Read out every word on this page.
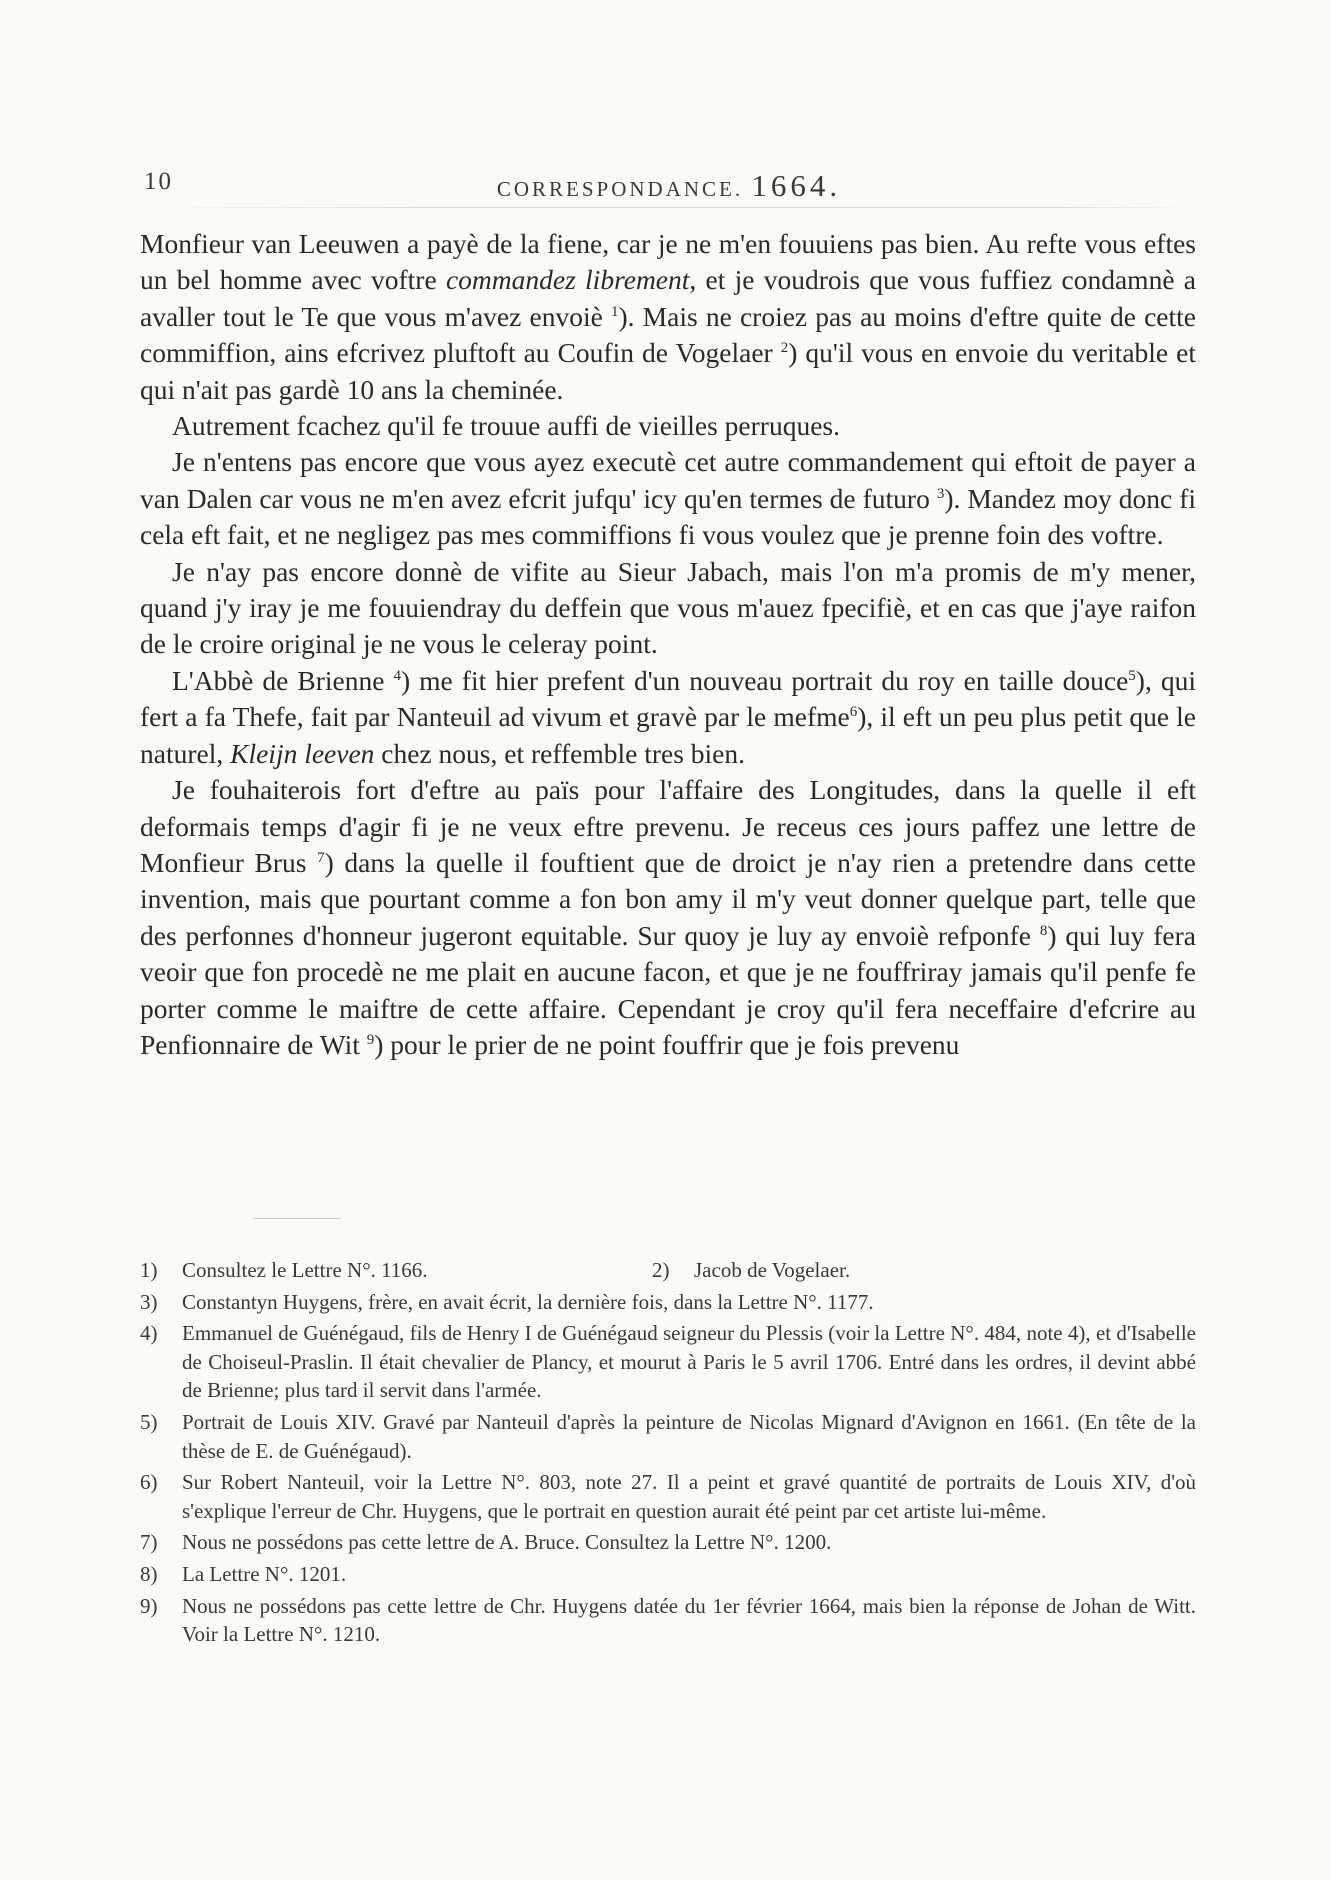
10	CORRESPONDANCE. 1664.

Monfieur van Leeuwen a payè de la fiene, car je ne m'en fouuiens pas bien. Au refte vous eftes un bel homme avec voftre commandez librement, et je voudrois que vous fuffiez condamnè a avaller tout le Te que vous m'avez envoiè $^1$). Mais ne croiez pas au moins d'eftre quite de cette commiffion, ains efcrivez pluftoft au Coufin de Vogelaer $^2$) qu'il vous en envoie du veritable et qui n'ait pas gardè 10 ans la cheminée.

Autrement fcachez qu'il fe trouue auffi de vieilles perruques.

Je n'entens pas encore que vous ayez executè cet autre commandement qui eftoit de payer a van Dalen car vous ne m'en avez efcrit jufqu' icy qu'en termes de futuro $^3$). Mandez moy donc fi cela eft fait, et ne negligez pas mes commiffions fi vous voulez que je prenne foin des voftre.

Je n'ay pas encore donnè de vifite au Sieur Jabach, mais l'on m'a promis de m'y mener, quand j'y iray je me fouuiendray du deffein que vous m'auez fpecifiè, et en cas que j'aye raifon de le croire original je ne vous le celeray point.

L'Abbè de Brienne $^4$) me fit hier prefent d'un nouveau portrait du roy en taille douce$^5$), qui fert a fa Thefe, fait par Nanteuil ad vivum et gravè par le mefme$^6$), il eft un peu plus petit que le naturel, Kleijn leeven chez nous, et reffemble tres bien.

Je fouhaiterois fort d'eftre au païs pour l'affaire des Longitudes, dans la quelle il eft deformais temps d'agir fi je ne veux eftre prevenu. Je receus ces jours paffez une lettre de Monfieur Brus $^7$) dans la quelle il fouftient que de droict je n'ay rien a pretendre dans cette invention, mais que pourtant comme a fon bon amy il m'y veut donner quelque part, telle que des perfonnes d'honneur jugeront equitable. Sur quoy je luy ay envoiè refponfe $^8$) qui luy fera veoir que fon procedè ne me plait en aucune facon, et que je ne fouffriray jamais qu'il penfe fe porter comme le maiftre de cette affaire. Cependant je croy qu'il fera neceffaire d'efcrire au Penfionnaire de Wit $^9$) pour le prier de ne point fouffrir que je fois prevenu

1) Consultez le Lettre N°. 1166.	2) Jacob de Vogelaer.
3) Constantyn Huygens, frère, en avait écrit, la dernière fois, dans la Lettre N°. 1177.
4) Emmanuel de Guénégaud, fils de Henry I de Guénégaud seigneur du Plessis (voir la Lettre N°. 484, note 4), et d'Isabelle de Choiseul-Praslin. Il était chevalier de Plancy, et mourut à Paris le 5 avril 1706. Entré dans les ordres, il devint abbé de Brienne; plus tard il servit dans l'armée.
5) Portrait de Louis XIV. Gravé par Nanteuil d'après la peinture de Nicolas Mignard d'Avignon en 1661. (En tête de la thèse de E. de Guénégaud).
6) Sur Robert Nanteuil, voir la Lettre N°. 803, note 27. Il a peint et gravé quantité de portraits de Louis XIV, d'où s'explique l'erreur de Chr. Huygens, que le portrait en question aurait été peint par cet artiste lui-même.
7) Nous ne possédons pas cette lettre de A. Bruce. Consultez la Lettre N°. 1200.
8) La Lettre N°. 1201.
9) Nous ne possédons pas cette lettre de Chr. Huygens datée du 1er février 1664, mais bien la réponse de Johan de Witt. Voir la Lettre N°. 1210.
